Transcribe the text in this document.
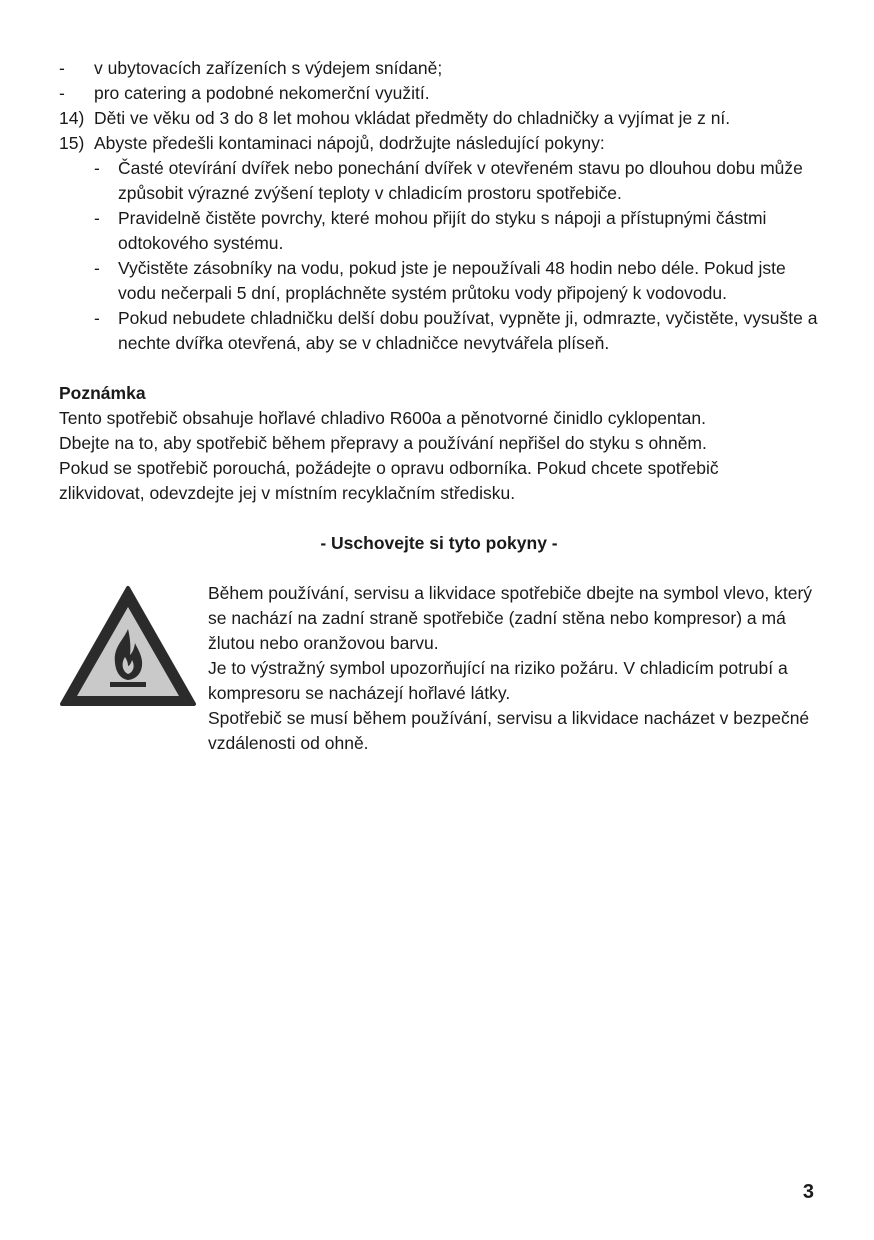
-	v ubytovacích zařízeních s výdejem snídaně;
-	pro catering a podobné nekomerční využití.
14) Děti ve věku od 3 do 8 let mohou vkládat předměty do chladničky a vyjímat je z ní.
15) Abyste předešli kontaminaci nápojů, dodržujte následující pokyny:
-	Časté otevírání dvířek nebo ponechání dvířek v otevřeném stavu po dlouhou dobu může způsobit výrazné zvýšení teploty v chladicím prostoru spotřebiče.
-	Pravidelně čistěte povrchy, které mohou přijít do styku s nápoji a přístupnými částmi odtokového systému.
-	Vyčistěte zásobníky na vodu, pokud jste je nepoužívali 48 hodin nebo déle. Pokud jste vodu nečerpali 5 dní, propláchněte systém průtoku vody připojený k vodovodu.
-	Pokud nebudete chladničku delší dobu používat, vypněte ji, odmrazte, vyčistěte, vysušte a nechte dvířka otevřená, aby se v chladničce nevytvářela plíseň.
Poznámka
Tento spotřebič obsahuje hořlavé chladivo R600a a pěnotvorné činidlo cyklopentan.
Dbejte na to, aby spotřebič během přepravy a používání nepřišel do styku s ohněm.
Pokud se spotřebič porouchá, požádejte o opravu odborníka. Pokud chcete spotřebič
zlikvidovat, odevzdejte jej v místním recyklačním středisku.
- Uschovejte si tyto pokyny -
Během používání, servisu a likvidace spotřebiče dbejte na symbol vlevo, který se nachází na zadní straně spotřebiče (zadní stěna nebo kompresor) a má žlutou nebo oranžovou barvu.
Je to výstražný symbol upozorňující na riziko požáru. V chladicím potrubí a kompresoru se nacházejí hořlavé látky.
Spotřebič se musí během používání, servisu a likvidace nacházet v bezpečné vzdálenosti od ohně.
3
